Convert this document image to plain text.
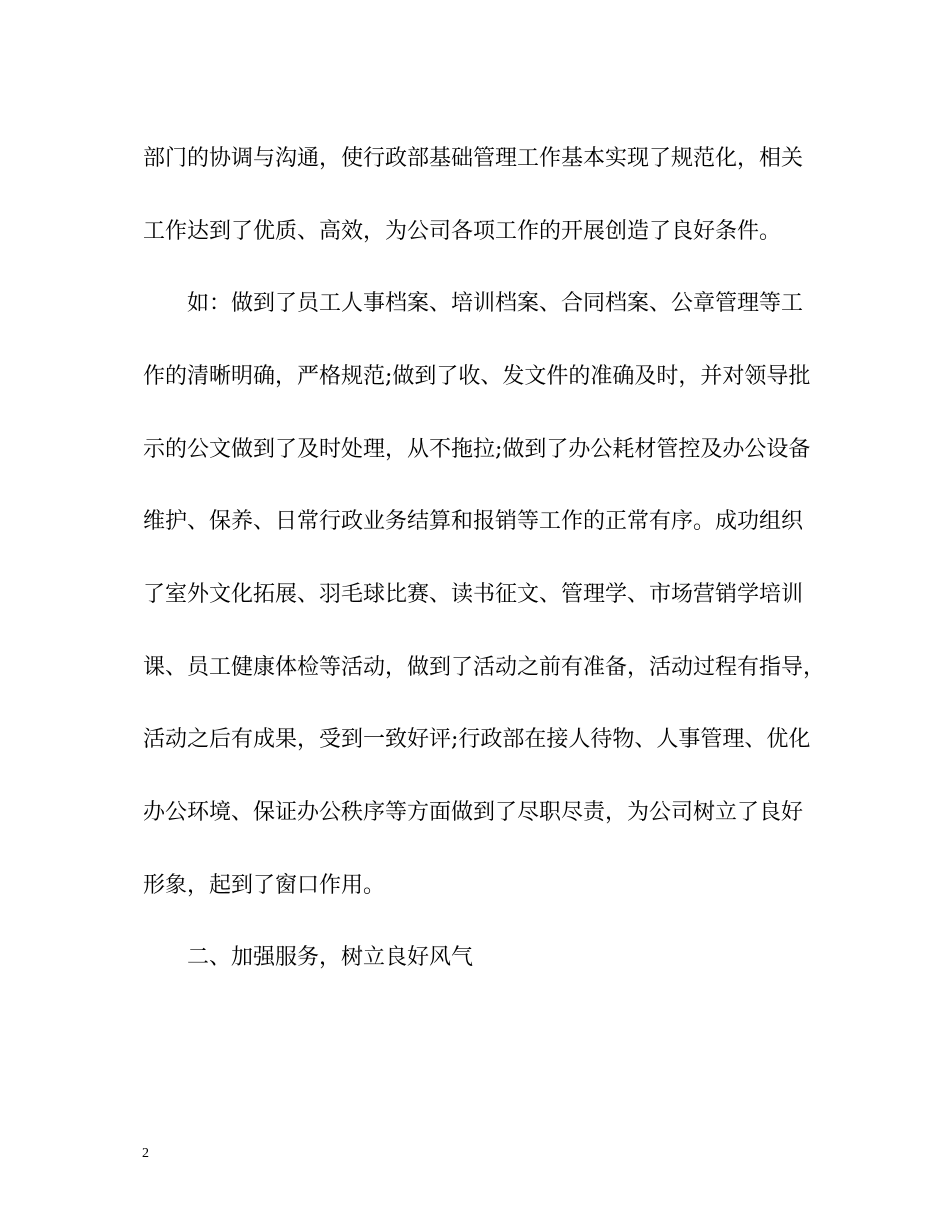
部门的协调与沟通，使行政部基础管理工作基本实现了规范化，相关
工作达到了优质、高效，为公司各项工作的开展创造了良好条件。
如：做到了员工人事档案、培训档案、合同档案、公章管理等工
作的清晰明确，严格规范;做到了收、发文件的准确及时，并对领导批
示的公文做到了及时处理，从不拖拉;做到了办公耗材管控及办公设备
维护、保养、日常行政业务结算和报销等工作的正常有序。成功组织
了室外文化拓展、羽毛球比赛、读书征文、管理学、市场营销学培训
课、员工健康体检等活动，做到了活动之前有准备，活动过程有指导，
活动之后有成果，受到一致好评;行政部在接人待物、人事管理、优化
办公环境、保证办公秩序等方面做到了尽职尽责，为公司树立了良好
形象，起到了窗口作用。
二、加强服务，树立良好风气
2
